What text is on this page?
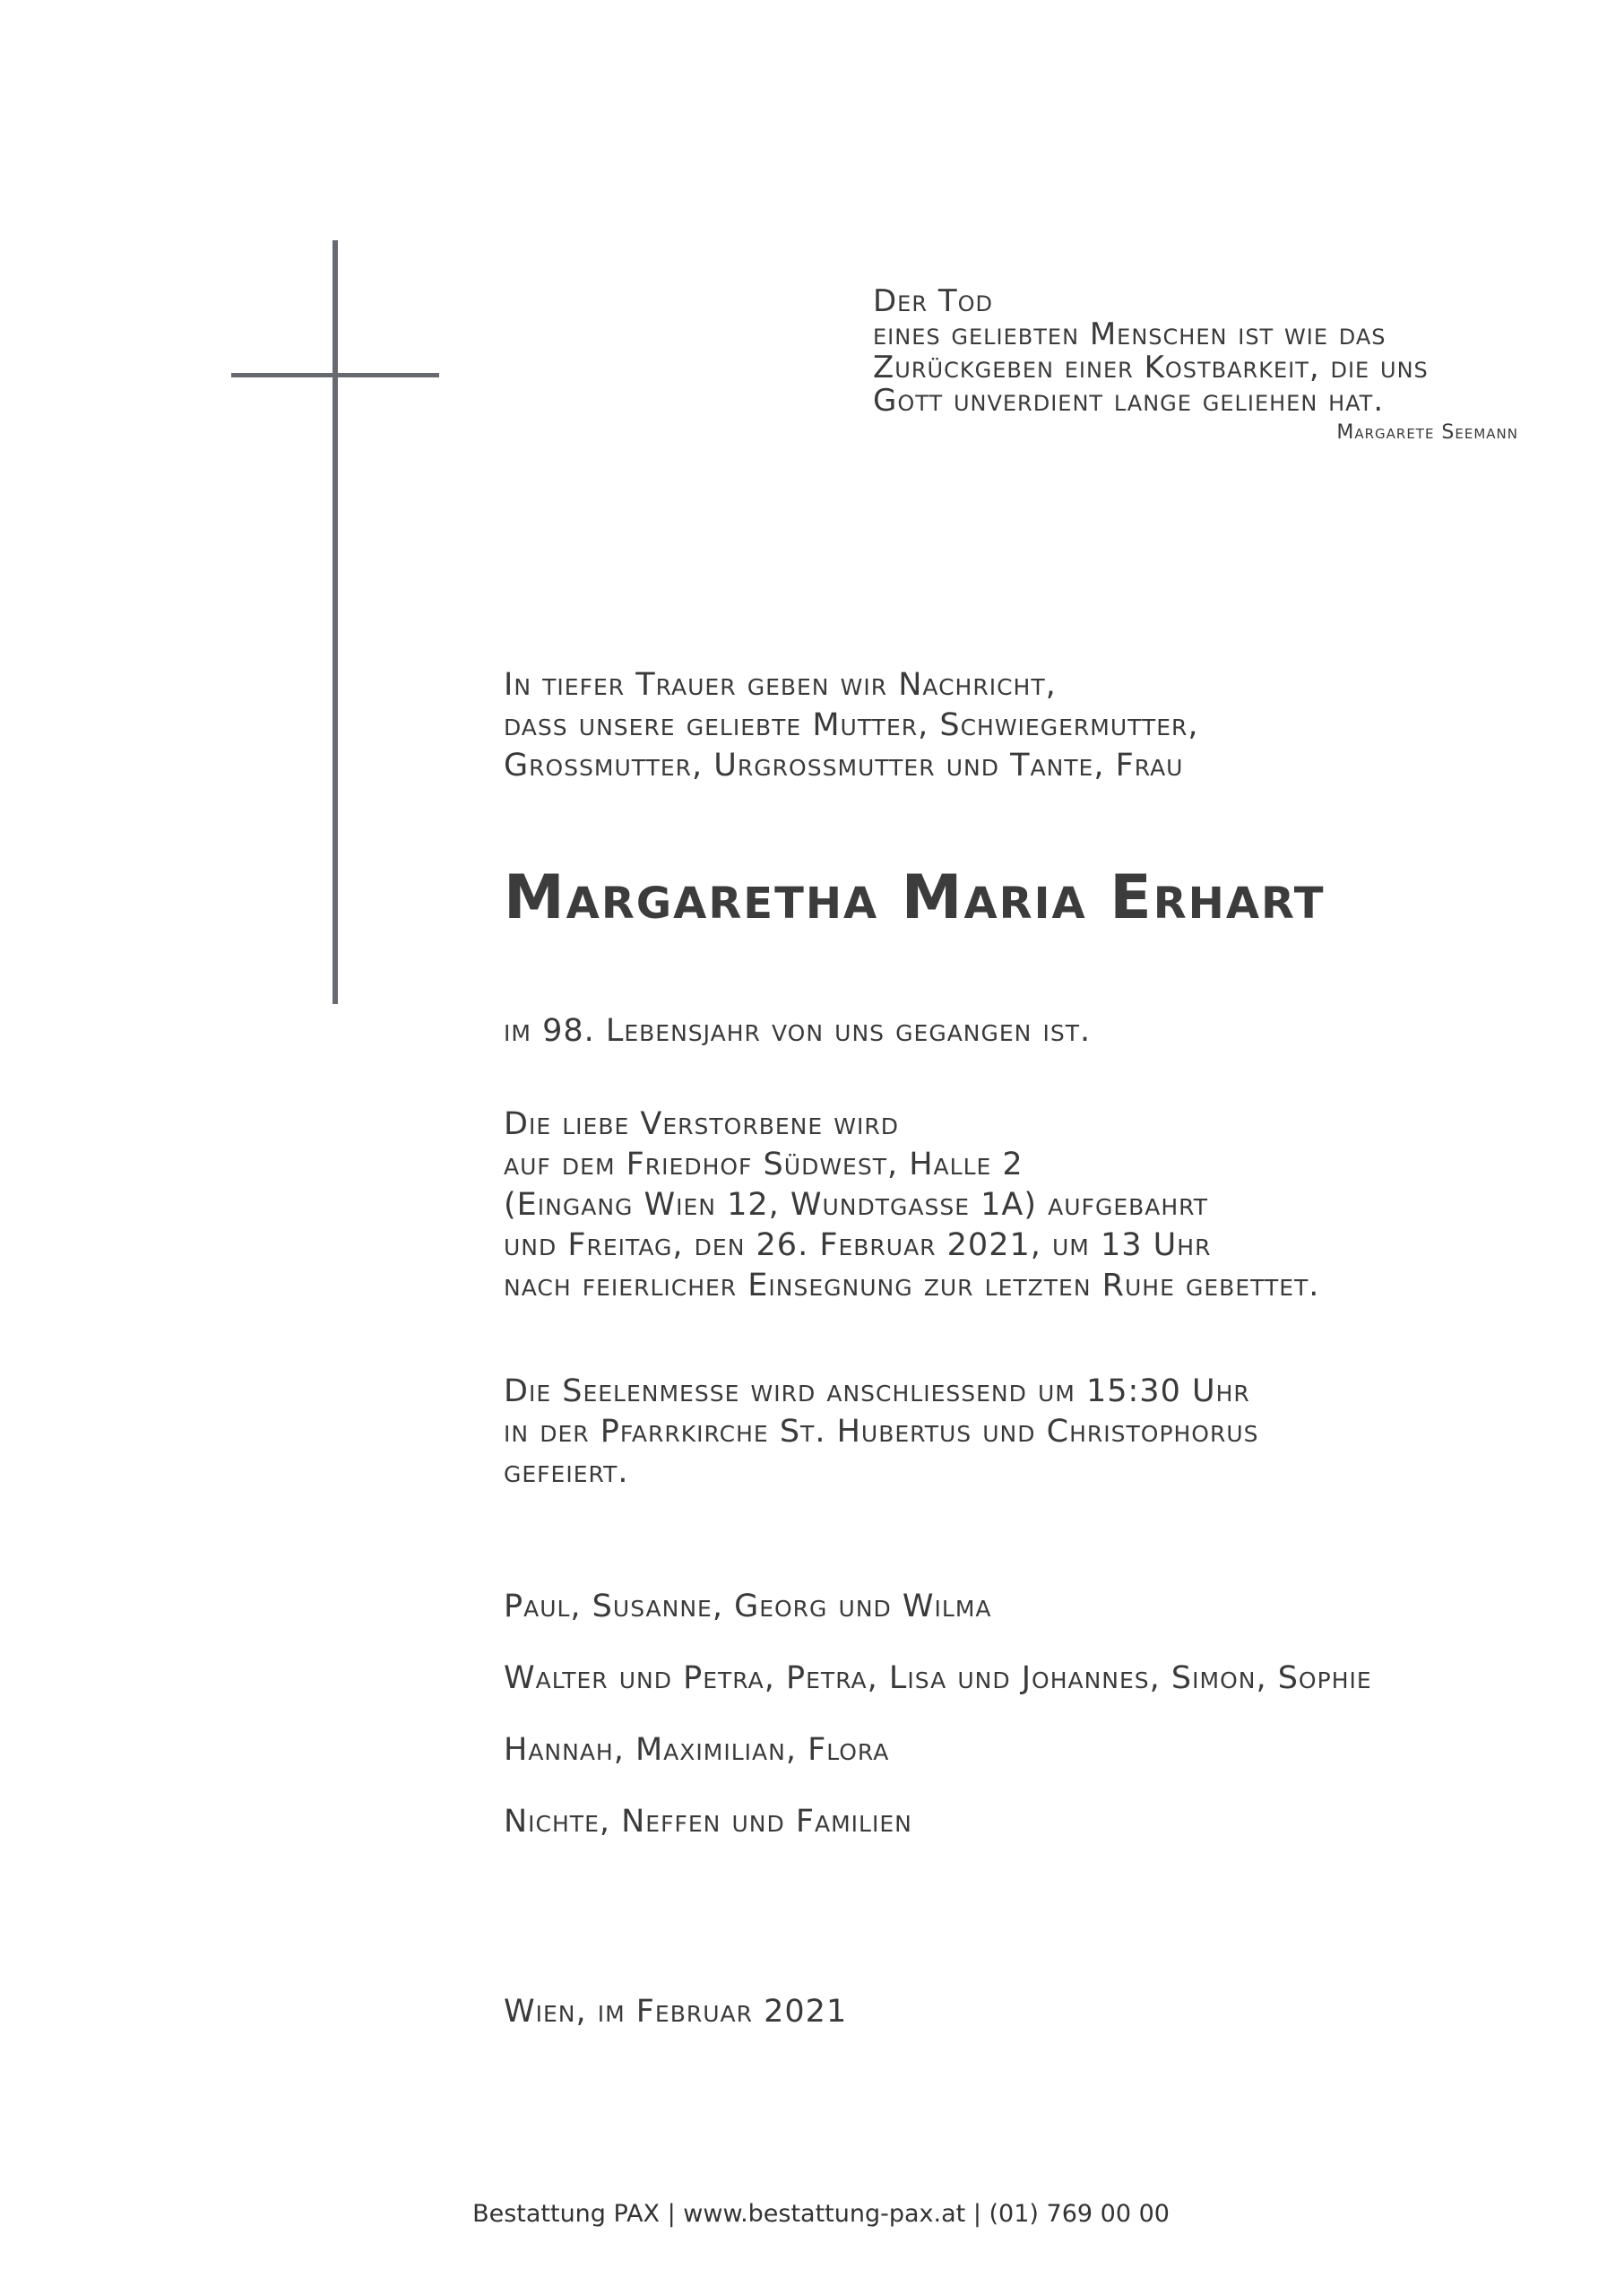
Der Tod
eines geliebten Menschen ist wie das
Zurückgeben einer Kostbarkeit, die uns
Gott unverdient lange geliehen hat.
Margarete Seemann
In tiefer Trauer geben wir Nachricht,
dass unsere geliebte Mutter, Schwiegermutter,
Grossmutter, Urgrossmutter und Tante, Frau
Margaretha Maria Erhart
im 98. Lebensjahr von uns gegangen ist.
Die liebe Verstorbene wird
auf dem Friedhof Südwest, Halle 2
(Eingang Wien 12, Wundtgasse 1A) aufgebahrt
und Freitag, den 26. Februar 2021, um 13 Uhr
nach feierlicher Einsegnung zur letzten Ruhe gebettet.
Die Seelenmesse wird anschliessend um 15:30 Uhr
in der Pfarrkirche St. Hubertus und Christophorus
gefeiert.
Paul, Susanne, Georg und Wilma
Walter und Petra, Petra, Lisa und Johannes, Simon, Sophie
Hannah, Maximilian, Flora
Nichte, Neffen und Familien
Wien, im Februar 2021
Bestattung PAX | www.bestattung-pax.at | (01) 769 00 00
